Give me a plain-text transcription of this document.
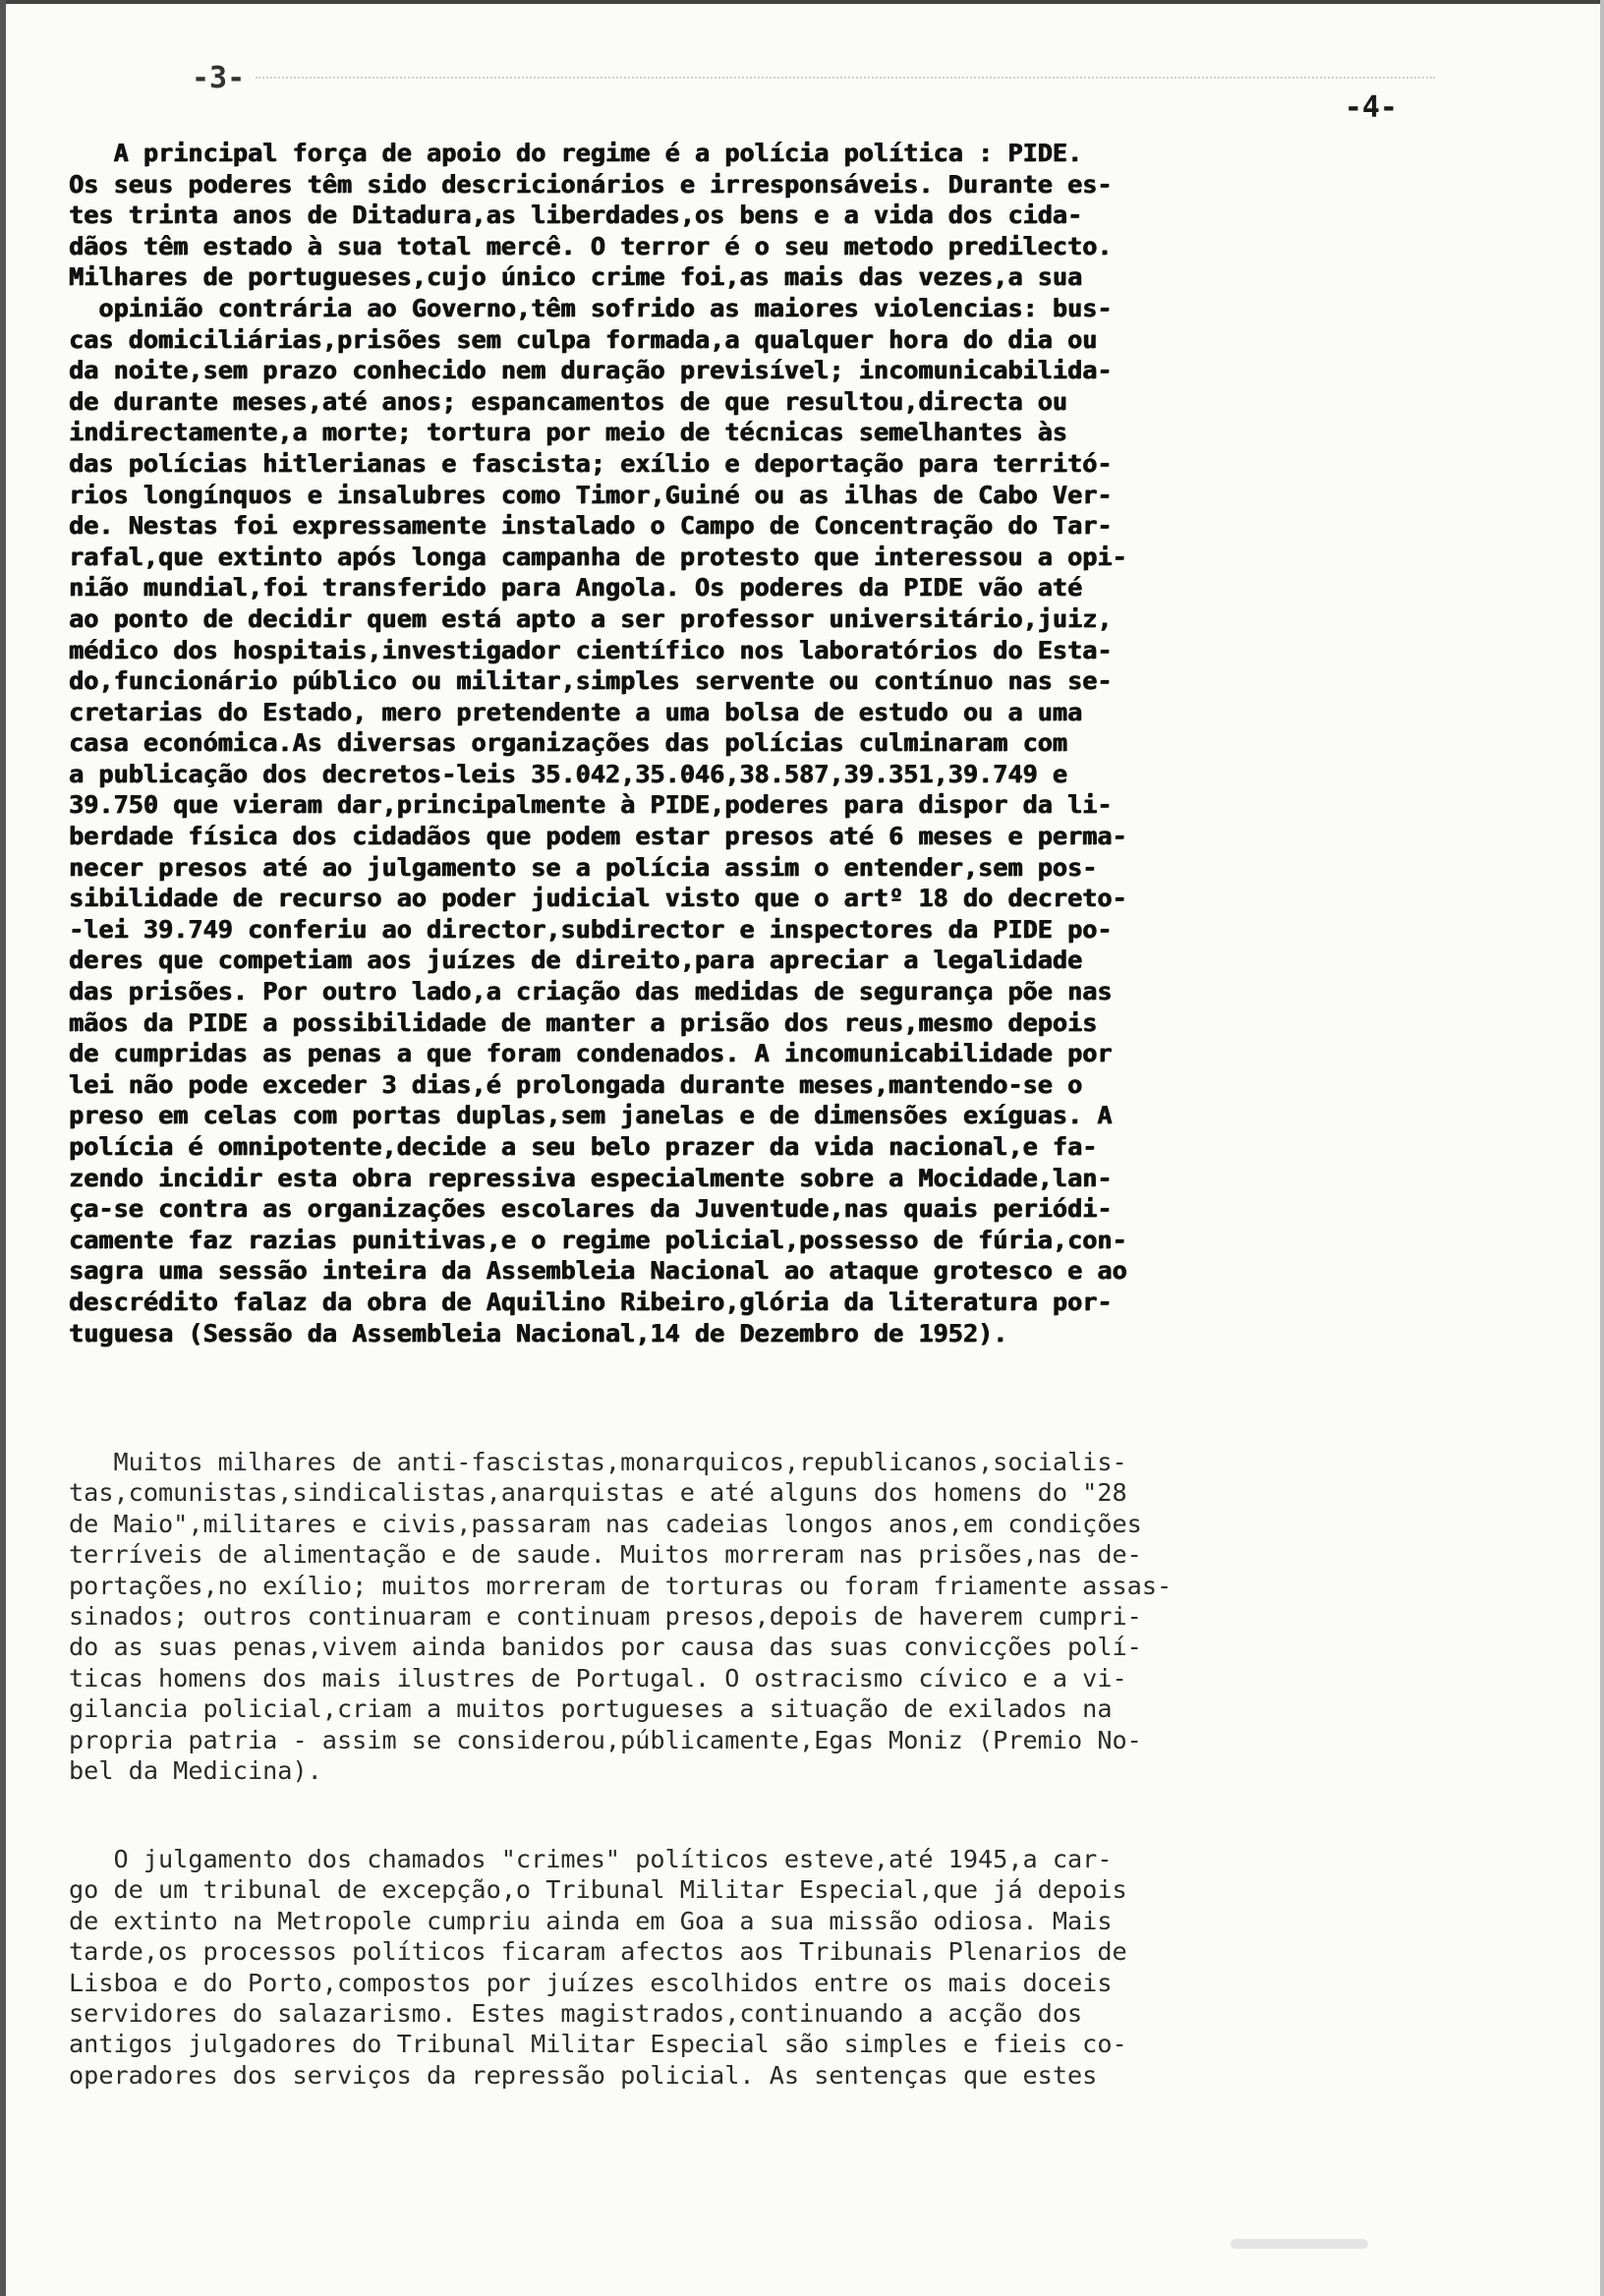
-3-
-4-

A principal força de apoio do regime é a polícia política : PIDE.
Os seus poderes têm sido descricionários e irresponsáveis. Durante es-
tes trinta anos de Ditadura,as liberdades,os bens e a vida dos cida-
dãos têm estado à sua total mercê. O terror é o seu metodo predilecto.
Milhares de portugueses,cujo único crime foi,as mais das vezes,a sua
opinião contrária ao Governo,têm sofrido as maiores violencias: bus-
cas domiciliárias,prisões sem culpa formada,a qualquer hora do dia ou
da noite,sem prazo conhecido nem duração previsível; incomunicabilida-
de durante meses,até anos; espancamentos de que resultou,directa ou
indirectamente,a morte; tortura por meio de técnicas semelhantes às
das polícias hitlerianas e fascista; exílio e deportação para territó-
rios longínquos e insalubres como Timor,Guiné ou as ilhas de Cabo Ver-
de. Nestas foi expressamente instalado o Campo de Concentração do Tar-
rafal,que extinto após longa campanha de protesto que interessou a opi-
nião mundial,foi transferido para Angola. Os poderes da PIDE vão até
ao ponto de decidir quem está apto a ser professor universitário,juiz,
médico dos hospitais,investigador científico nos laboratórios do Esta-
do,funcionário público ou militar,simples servente ou contínuo nas se-
cretarias do Estado, mero pretendente a uma bolsa de estudo ou a uma
casa económica.As diversas organizações das polícias culminaram com
a publicação dos decretos-leis 35.042,35.046,38.587,39.351,39.749 e
39.750 que vieram dar,principalmente à PIDE,poderes para dispor da li-
berdade física dos cidadãos que podem estar presos até 6 meses e perma-
necer presos até ao julgamento se a polícia assim o entender,sem pos-
sibilidade de recurso ao poder judicial visto que o artº 18 do decreto-
-lei 39.749 conferiu ao director,subdirector e inspectores da PIDE po-
deres que competiam aos juízes de direito,para apreciar a legalidade
das prisões. Por outro lado,a criação das medidas de segurança põe nas
mãos da PIDE a possibilidade de manter a prisão dos reus,mesmo depois
de cumpridas as penas a que foram condenados. A incomunicabilidade por
lei não pode exceder 3 dias,é prolongada durante meses,mantendo-se o
preso em celas com portas duplas,sem janelas e de dimensões exíguas. A
polícia é omnipotente,decide a seu belo prazer da vida nacional,e fa-
zendo incidir esta obra repressiva especialmente sobre a Mocidade,lan-
ça-se contra as organizações escolares da Juventude,nas quais periódi-
camente faz razias punitivas,e o regime policial,possesso de fúria,con-
sagra uma sessão inteira da Assembleia Nacional ao ataque grotesco e ao
descrédito falaz da obra de Aquilino Ribeiro,glória da literatura por-
tuguesa (Sessão da Assembleia Nacional,14 de Dezembro de 1952).

Muitos milhares de anti-fascistas,monarquicos,republicanos,socialis-
tas,comunistas,sindicalistas,anarquistas e até alguns dos homens do "28
de Maio",militares e civis,passaram nas cadeias longos anos,em condições
terríveis de alimentação e de saude. Muitos morreram nas prisões,nas de-
portações,no exílio; muitos morreram de torturas ou foram friamente assas-
sinados; outros continuaram e continuam presos,depois de haverem cumpri-
do as suas penas,vivem ainda banidos por causa das suas convicções polí-
ticas homens dos mais ilustres de Portugal. O ostracismo cívico e a vi-
gilancia policial,criam a muitos portugueses a situação de exilados na
propria patria - assim se considerou,públicamente,Egas Moniz (Premio No-
bel da Medicina).

O julgamento dos chamados "crimes" políticos esteve,até 1945,a car-
go de um tribunal de excepção,o Tribunal Militar Especial,que já depois
de extinto na Metropole cumpriu ainda em Goa a sua missão odiosa. Mais
tarde,os processos políticos ficaram afectos aos Tribunais Plenarios de
Lisboa e do Porto,compostos por juízes escolhidos entre os mais doceis
servidores do salazarismo. Estes magistrados,continuando a acção dos
antigos julgadores do Tribunal Militar Especial são simples e fieis co-
operadores dos serviços da repressão policial. As sentenças que estes
